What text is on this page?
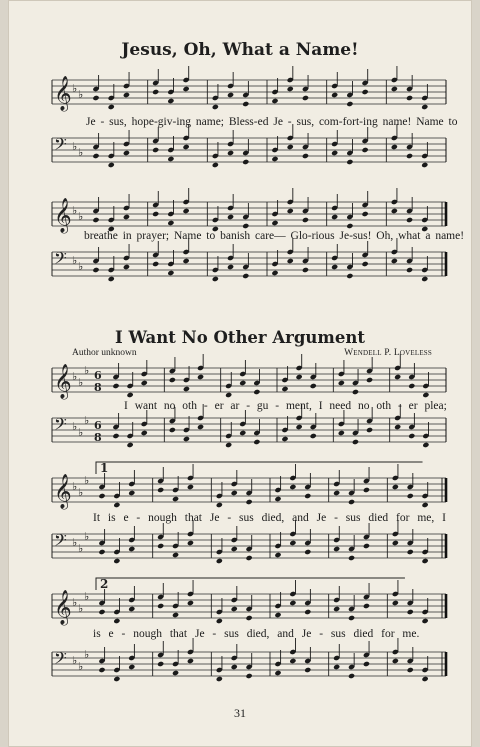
Jesus, Oh, What a Name!
𝄞 ♭ ♭
Je - sus, hope-giv-ing name; Bless-ed Je - sus, com-fort-ing name! Name to
𝄢 ♭ ♭
𝄞 ♭ ♭
breathe in prayer; Name to banish care— Glo-rious Je-sus! Oh, what a name!
𝄢 ♭ ♭
I Want No Other Argument
Author unknown	Wendell P. Loveless
𝄞 ♭ ♭
♭ 6
8
I want no oth - er ar - gu - ment, I need no oth - er plea;
𝄢 ♭ ♭
♭ 6
8
𝄞 ♭ ♭
♭
1
It is e - nough that Je - sus died, and Je - sus died for me, I
𝄢 ♭ ♭
♭
𝄞 ♭ ♭
♭
2
is e - nough that Je - sus died, and Je - sus died for me.
𝄢 ♭ ♭
♭
31
